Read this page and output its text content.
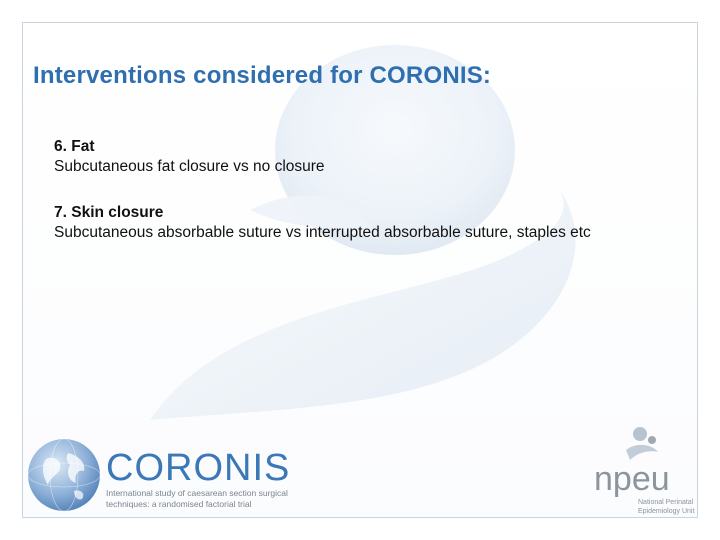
Interventions considered for CORONIS:
6. Fat
Subcutaneous fat closure vs no closure
7. Skin closure
Subcutaneous absorbable suture vs interrupted absorbable suture, staples etc
CORONIS
International study of caesarean section surgical
techniques: a randomised factorial trial
npeu
National Perinatal
Epidemiology Unit
